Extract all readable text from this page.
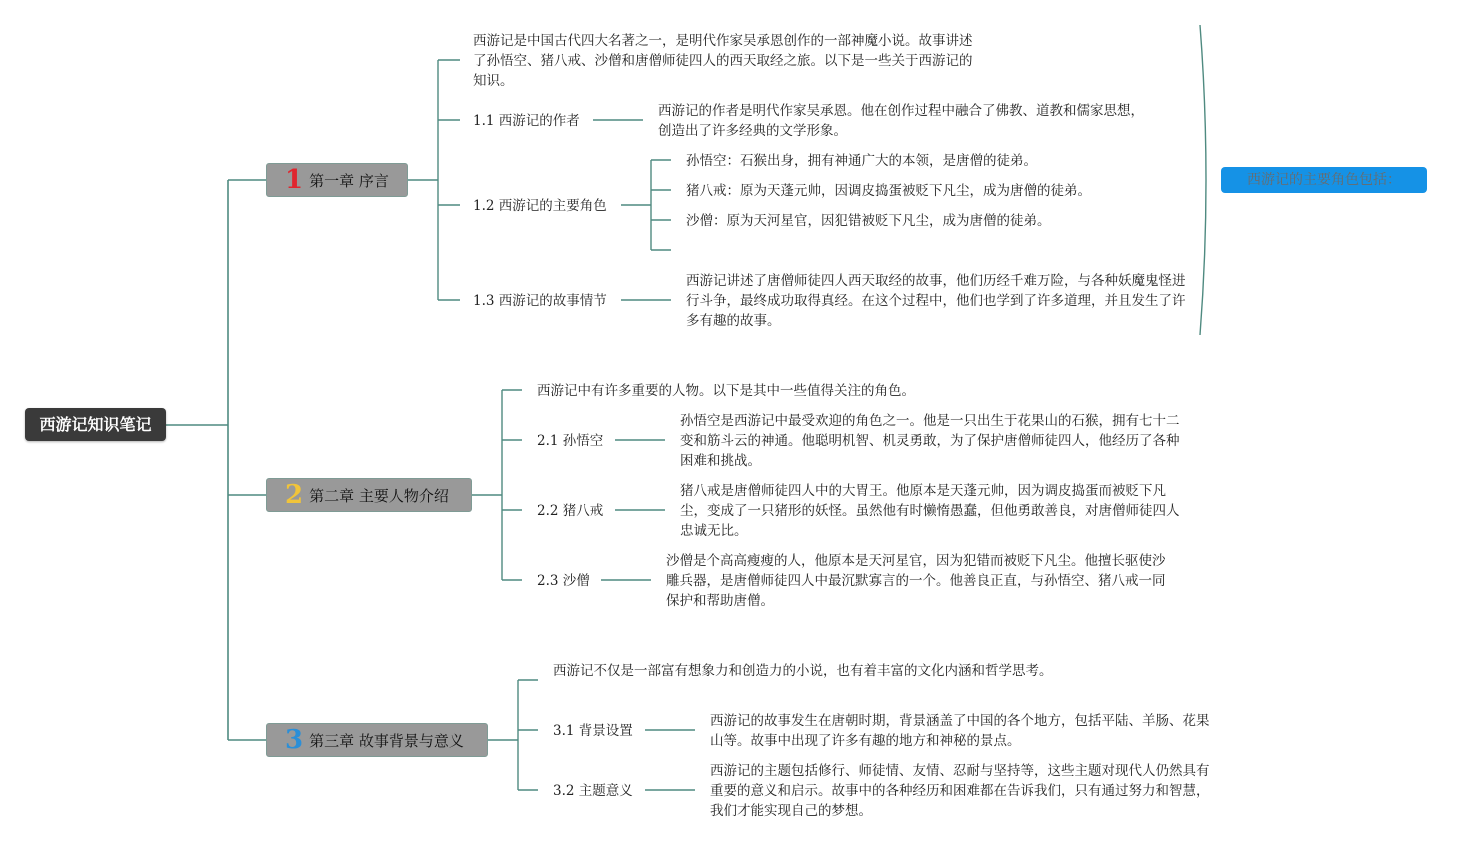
西游记知识笔记
1 第一章 序言
2 第二章 主要人物介绍
3 第三章 故事背景与意义
西游记是中国古代四大名著之一，是明代作家吴承恩创作的一部神魔小说。故事讲述了孙悟空、猪八戒、沙僧和唐僧师徒四人的西天取经之旅。以下是一些关于西游记的知识。
1.1 西游记的作者
西游记的作者是明代作家吴承恩。他在创作过程中融合了佛教、道教和儒家思想，创造出了许多经典的文学形象。
1.2 西游记的主要角色
孙悟空：石猴出身，拥有神通广大的本领，是唐僧的徒弟。
猪八戒：原为天蓬元帅，因调皮捣蛋被贬下凡尘，成为唐僧的徒弟。
沙僧：原为天河星官，因犯错被贬下凡尘，成为唐僧的徒弟。
1.3 西游记的故事情节
西游记讲述了唐僧师徒四人西天取经的故事，他们历经千难万险，与各种妖魔鬼怪进行斗争，最终成功取得真经。在这个过程中，他们也学到了许多道理，并且发生了许多有趣的故事。
西游记中有许多重要的人物。以下是其中一些值得关注的角色。
2.1 孙悟空
孙悟空是西游记中最受欢迎的角色之一。他是一只出生于花果山的石猴，拥有七十二变和筋斗云的神通。他聪明机智、机灵勇敢，为了保护唐僧师徒四人，他经历了各种困难和挑战。
2.2 猪八戒
猪八戒是唐僧师徒四人中的大胃王。他原本是天蓬元帅，因为调皮捣蛋而被贬下凡尘，变成了一只猪形的妖怪。虽然他有时懒惰愚蠢，但他勇敢善良，对唐僧师徒四人忠诚无比。
2.3 沙僧
沙僧是个高高瘦瘦的人，他原本是天河星官，因为犯错而被贬下凡尘。他擅长驱使沙雕兵器，是唐僧师徒四人中最沉默寡言的一个。他善良正直，与孙悟空、猪八戒一同保护和帮助唐僧。
西游记不仅是一部富有想象力和创造力的小说，也有着丰富的文化内涵和哲学思考。
3.1 背景设置
西游记的故事发生在唐朝时期，背景涵盖了中国的各个地方，包括平陆、羊肠、花果山等。故事中出现了许多有趣的地方和神秘的景点。
3.2 主题意义
西游记的主题包括修行、师徒情、友情、忍耐与坚持等，这些主题对现代人仍然具有重要的意义和启示。故事中的各种经历和困难都在告诉我们，只有通过努力和智慧，我们才能实现自己的梦想。
西游记的主要角色包括：
